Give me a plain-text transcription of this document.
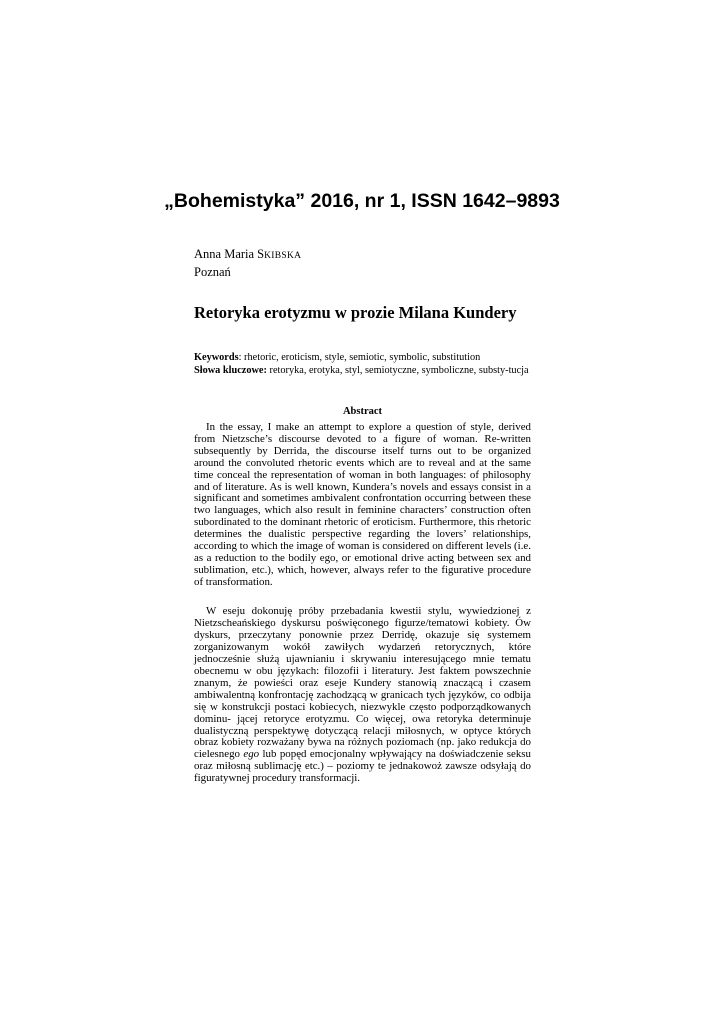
„Bohemistyka” 2016, nr 1, ISSN 1642–9893
Anna Maria SKIBSKA
Poznań
Retoryka erotyzmu w prozie Milana Kundery
Keywords: rhetoric, eroticism, style, semiotic, symbolic, substitution
Słowa kluczowe: retoryka, erotyka, styl, semiotyczne, symboliczne, substy-tucja
Abstract

In the essay, I make an attempt to explore a question of style, derived from Nietzsche’s discourse devoted to a figure of woman. Re-written subsequently by Derrida, the discourse itself turns out to be organized around the convoluted rhetoric events which are to reveal and at the same time conceal the representation of woman in both languages: of philosophy and of literature. As is well known, Kundera’s novels and essays consist in a significant and sometimes ambivalent confrontation occurring between these two languages, which also result in feminine characters’ construction often subordinated to the dominant rhetoric of eroticism. Furthermore, this rhetoric determines the dualistic perspective regarding the lovers’ relationships, according to which the image of woman is considered on different levels (i.e. as a reduction to the bodily ego, or emotional drive acting between sex and sublimation, etc.), which, however, always refer to the figurative procedure of transformation.

W eseju dokonuję próby przebadania kwestii stylu, wywiedzionej z Nietzscheańskiego dyskursu poświęconego figurze/tematowi kobiety. Ów dyskurs, przeczytany ponownie przez Derridę, okazuje się systemem zorganizowanym wokół zawiłych wydarzeń retorycznych, które jednocześnie służą ujawnianiu i skrywaniu interesującego mnie tematu obecnemu w obu językach: filozofii i literatury. Jest faktem powszechnie znanym, że powieści oraz eseje Kundery stanowią znaczącą i czasem ambiwalentną konfrontację zachodzącą w granicach tych języków, co odbija się w konstrukcji postaci kobiecych, niezwykle często podporządkowanych dominu- jącej retoryce erotyzmu. Co więcej, owa retoryka determinuje dualistyczną perspektywę dotyczącą relacji miłosnych, w optyce których obraz kobiety rozważany bywa na różnych poziomach (np. jako redukcja do cielesnego ego lub popęd emocjonalny wpływający na doświadczenie seksu oraz miłosną sublimację etc.) – poziomy te jednakowoż zawsze odsyłają do figuratywnej procedury transformacji.
